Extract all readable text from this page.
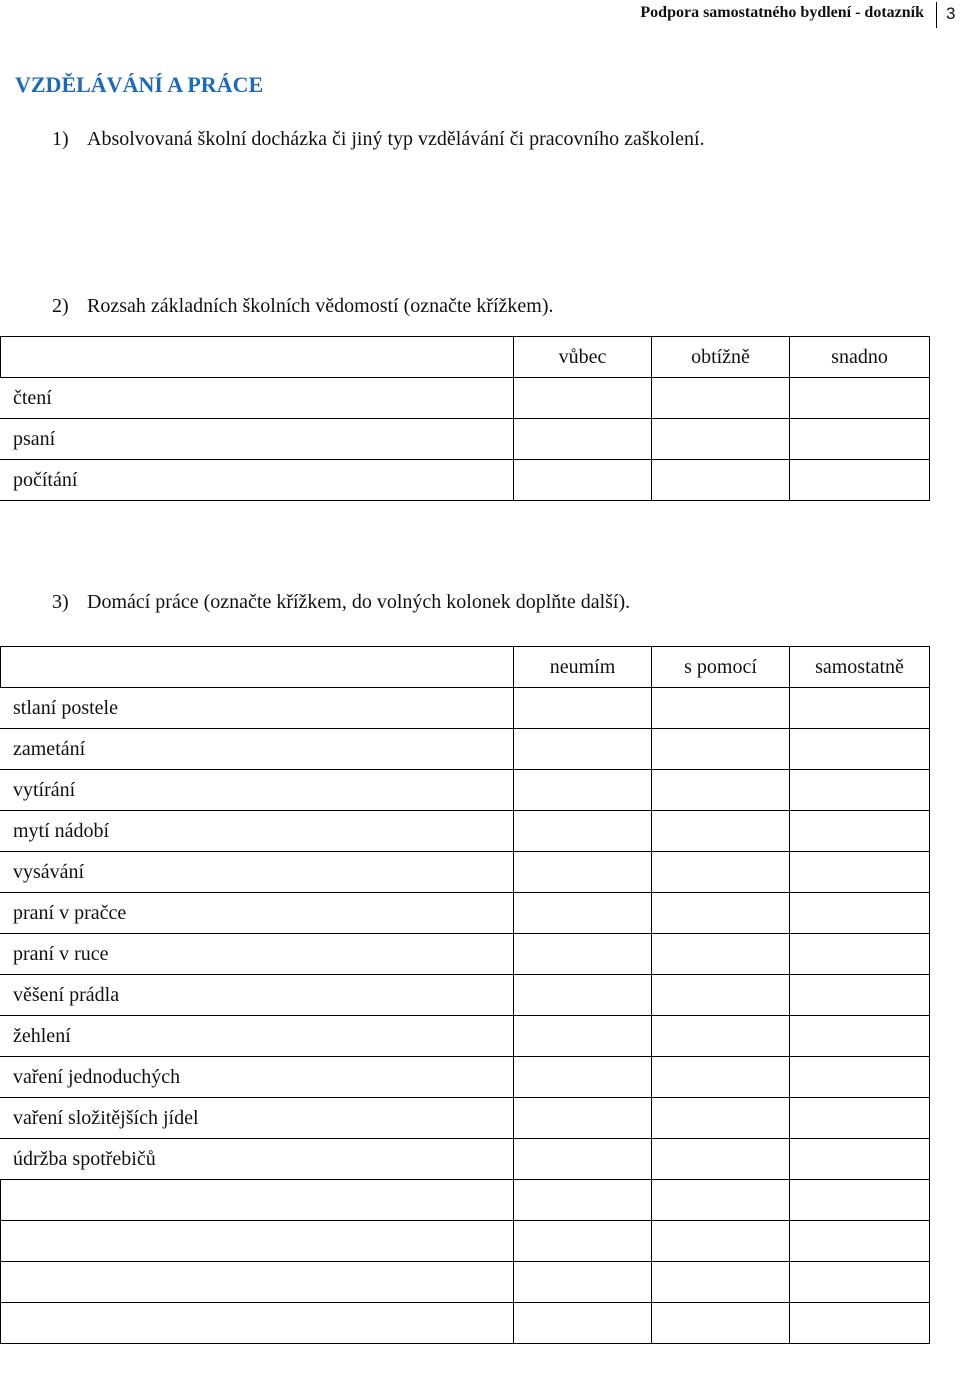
Podpora samostatného bydlení - dotazník 3
VZDĚLÁVÁNÍ A PRÁCE
1) Absolvovaná školní docházka či jiný typ vzdělávání či pracovního zaškolení.
2) Rozsah základních školních vědomostí (označte křížkem).
	vůbec	obtížně	snadno
čtení			
psaní			
počítání			
3) Domácí práce (označte křížkem, do volných kolonek doplňte další).
	neumím	s pomocí	samostatně
stlaní postele			
zametání			
vytírání			
mytí nádobí			
vysávání			
praní v pračce			
praní v ruce			
věšení prádla			
žehlení			
vaření jednoduchých			
vaření složitějších jídel			
údržba spotřebičů			
